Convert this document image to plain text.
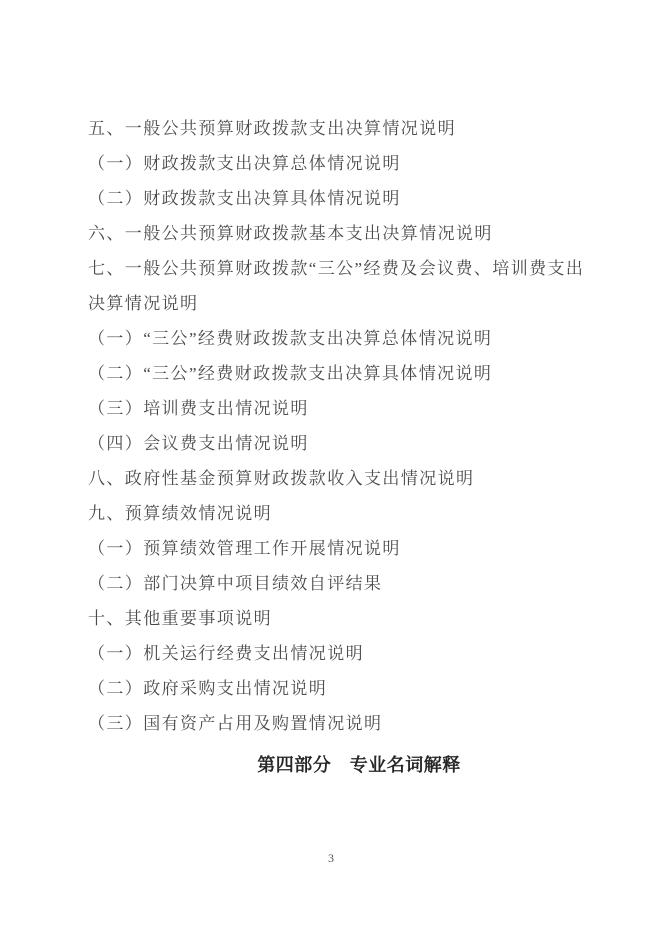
五、一般公共预算财政拨款支出决算情况说明
（一）财政拨款支出决算总体情况说明
（二）财政拨款支出决算具体情况说明
六、一般公共预算财政拨款基本支出决算情况说明
七、一般公共预算财政拨款“三公”经费及会议费、培训费支出
决算情况说明
（一）“三公”经费财政拨款支出决算总体情况说明
（二）“三公”经费财政拨款支出决算具体情况说明
（三）培训费支出情况说明
（四）会议费支出情况说明
八、政府性基金预算财政拨款收入支出情况说明
九、预算绩效情况说明
（一）预算绩效管理工作开展情况说明
（二）部门决算中项目绩效自评结果
十、其他重要事项说明
（一）机关运行经费支出情况说明
（二）政府采购支出情况说明
（三）国有资产占用及购置情况说明
第四部分　专业名词解释
3
